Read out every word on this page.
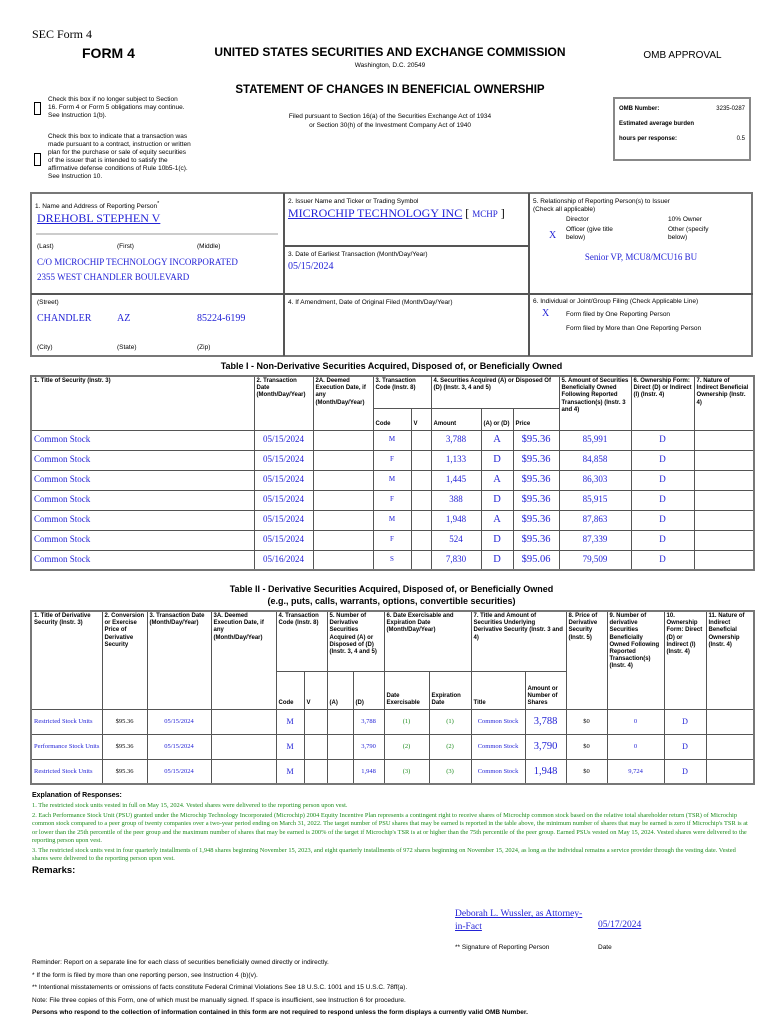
SEC Form 4
FORM 4	UNITED STATES SECURITIES AND EXCHANGE COMMISSION
Washington, D.C. 20549
STATEMENT OF CHANGES IN BENEFICIAL OWNERSHIP
Filed pursuant to Section 16(a) of the Securities Exchange Act of 1934
or Section 30(h) of the Investment Company Act of 1940
OMB APPROVAL
OMB Number:	3235-0287
Estimated average burden
hours per response:	0.5
Check this box if no longer subject to Section 16. Form 4 or Form 5 obligations may continue. See Instruction 1(b).
Check this box to indicate that a transaction was made pursuant to a contract, instruction or written plan for the purchase or sale of equity securities of the issuer that is intended to satisfy the affirmative defense conditions of Rule 10b5-1(c). See Instruction 10.
1. Name and Address of Reporting Person*
DREHOBL STEPHEN V
(Last)	(First)	(Middle)
C/O MICROCHIP TECHNOLOGY INCORPORATED
2355 WEST CHANDLER BOULEVARD
(Street)
CHANDLER	AZ	85224-6199
(City)	(State)	(Zip)
2. Issuer Name and Ticker or Trading Symbol
MICROCHIP TECHNOLOGY INC [ MCHP ]
3. Date of Earliest Transaction (Month/Day/Year)
05/15/2024
4. If Amendment, Date of Original Filed (Month/Day/Year)
5. Relationship of Reporting Person(s) to Issuer
(Check all applicable)
Director	10% Owner
X
Officer (give title below)
Other (specify below)
Senior VP, MCU8/MCU16 BU
6. Individual or Joint/Group Filing (Check Applicable Line)
X	Form filed by One Reporting Person
Form filed by More than One Reporting Person
Table I - Non-Derivative Securities Acquired, Disposed of, or Beneficially Owned
1. Title of Security (Instr. 3)	2. Transaction Date (Month/Day/Year)	2A. Deemed Execution Date, if any (Month/Day/Year)	3. Transaction Code (Instr. 8)		4. Securities Acquired (A) or Disposed Of (D) (Instr. 3, 4 and 5)			5. Amount of Securities Beneficially Owned Following Reported Transaction(s) (Instr. 3 and 4)	6. Ownership Form: Direct (D) or Indirect (I) (Instr. 4)	7. Nature of Indirect Beneficial Ownership (Instr. 4)
			Code	V	Amount	(A) or (D)	Price			
Common Stock	05/15/2024		M		3,788	A	$95.36	85,991	D	
Common Stock	05/15/2024		F		1,133	D	$95.36	84,858	D	
Common Stock	05/15/2024		M		1,445	A	$95.36	86,303	D	
Common Stock	05/15/2024		F		388	D	$95.36	85,915	D	
Common Stock	05/15/2024		M		1,948	A	$95.36	87,863	D	
Common Stock	05/15/2024		F		524	D	$95.36	87,339	D	
Common Stock	05/16/2024		S		7,830	D	$95.06	79,509	D	
Table II - Derivative Securities Acquired, Disposed of, or Beneficially Owned
(e.g., puts, calls, warrants, options, convertible securities)
1. Title of Derivative Security (Instr. 3)	2. Conversion or Exercise Price of Derivative Security	3. Transaction Date (Month/Day/Year)	3A. Deemed Execution Date, if any (Month/Day/Year)	4. Transaction Code (Instr. 8)		5. Number of Derivative Securities Acquired (A) or Disposed of (D) (Instr. 3, 4 and 5)		6. Date Exercisable and Expiration Date (Month/Day/Year)		7. Title and Amount of Securities Underlying Derivative Security (Instr. 3 and 4)		8. Price of Derivative Security (Instr. 5)	9. Number of derivative Securities Beneficially Owned Following Reported Transaction(s) (Instr. 4)	10. Ownership Form: Direct (D) or Indirect (I) (Instr. 4)	11. Nature of Indirect Beneficial Ownership (Instr. 4)
				Code	V	(A)	(D)	Date Exercisable	Expiration Date	Title	Amount or Number of Shares				
Restricted Stock Units	$95.36	05/15/2024		M			3,788	(1)	(1)	Common Stock	3,788	$0	0	D	
Performance Stock Units	$95.36	05/15/2024		M			3,790	(2)	(2)	Common Stock	3,790	$0	0	D	
Restricted Stock Units	$95.36	05/15/2024		M			1,948	(3)	(3)	Common Stock	1,948	$0	9,724	D	
Explanation of Responses:
1. The restricted stock units vested in full on May 15, 2024. Vested shares were delivered to the reporting person upon vest.
2. Each Performance Stock Unit (PSU) granted under the Microchip Technology Incorporated (Microchip) 2004 Equity Incentive Plan represents a contingent right to receive shares of Microchip common stock based on the relative total shareholder return (TSR) of Microchip common stock compared to a peer group of twenty companies over a two-year period ending on March 31, 2022. The target number of PSU shares that may be earned is reported in the table above, the minimum number of shares that may be earned is zero if Microchip's TSR is at or lower than the 25th percentile of the peer group and the maximum number of shares that may be earned is 200% of the target if Microchip's TSR is at or higher than the 75th percentile of the peer group. Earned PSUs vested on May 15, 2024. Vested shares were delivered to the reporting person upon vest.
3. The restricted stock units vest in four quarterly installments of 1,948 shares beginning November 15, 2023, and eight quarterly installments of 972 shares beginning on November 15, 2024, as long as the individual remains a service provider through the vesting date. Vested shares were delivered to the reporting person upon vest.
Remarks:
Deborah L. Wussler, as Attorney-in-Fact	05/17/2024
** Signature of Reporting Person	Date
Reminder: Report on a separate line for each class of securities beneficially owned directly or indirectly.
* If the form is filed by more than one reporting person, see Instruction 4 (b)(v).
** Intentional misstatements or omissions of facts constitute Federal Criminal Violations See 18 U.S.C. 1001 and 15 U.S.C. 78ff(a).
Note: File three copies of this Form, one of which must be manually signed. If space is insufficient, see Instruction 6 for procedure.
Persons who respond to the collection of information contained in this form are not required to respond unless the form displays a currently valid OMB Number.
